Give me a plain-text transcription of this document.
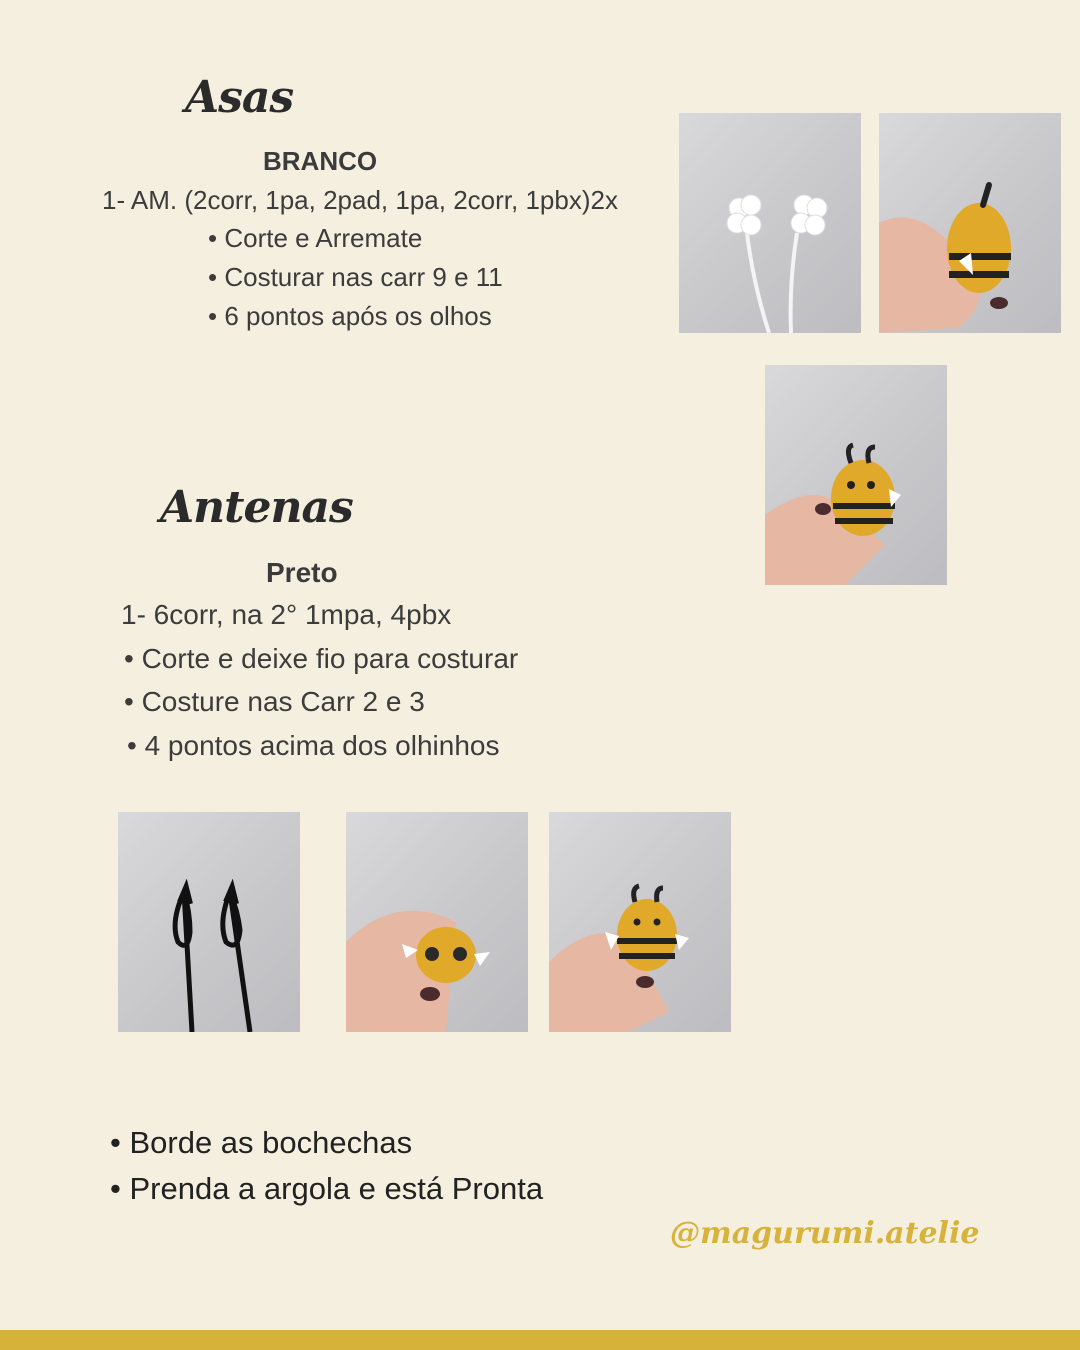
Asas
BRANCO
1- AM. (2corr, 1pa, 2pad, 1pa, 2corr, 1pbx)2x
• Corte e Arremate
• Costurar nas carr 9 e 11
• 6 pontos após os olhos
Antenas
Preto
1- 6corr, na 2° 1mpa, 4pbx
• Corte e deixe fio para costurar
• Costure nas Carr 2 e 3
• 4 pontos acima dos olhinhos
• Borde as bochechas
• Prenda a argola e está Pronta
@magurumi.atelie
